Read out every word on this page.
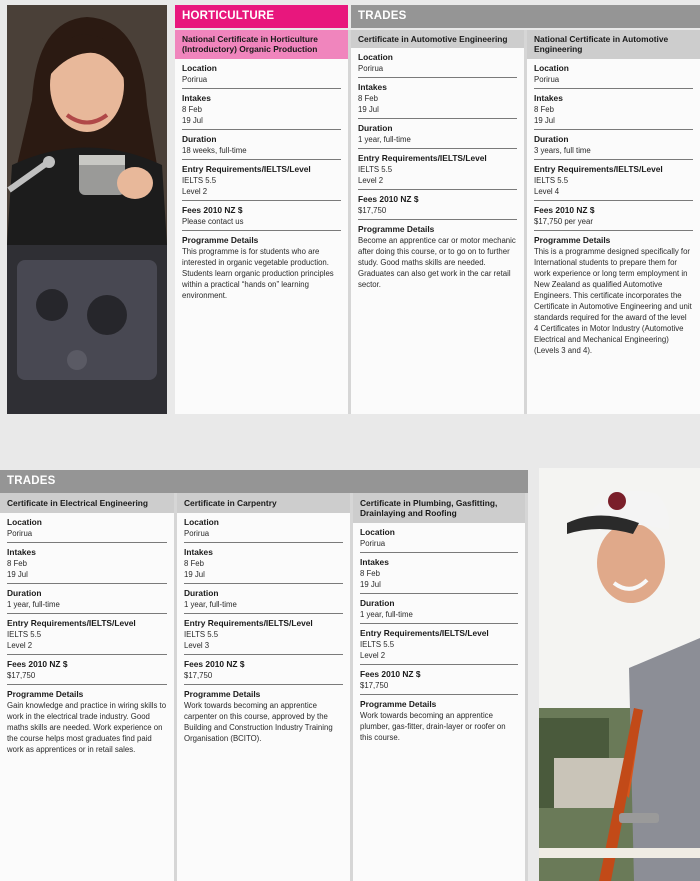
HORTICULTURE	TRADES
National Certificate in Horticulture (Introductory) Organic Production
Location
Porirua
Intakes
8 Feb
19 Jul
Duration
18 weeks, full-time
Entry Requirements/IELTS/Level
IELTS 5.5
Level 2
Fees 2010 NZ $
Please contact us
Programme Details
This programme is for students who are interested in organic vegetable production. Students learn organic production principles within a practical “hands on” learning environment.
Certificate in Automotive Engineering
Location
Porirua
Intakes
8 Feb
19 Jul
Duration
1 year, full-time
Entry Requirements/IELTS/Level
IELTS 5.5
Level 2
Fees 2010 NZ $
$17,750
Programme Details
Become an apprentice car or motor mechanic after doing this course, or to go on to further study. Good maths skills are needed. Graduates can also get work in the car retail sector.
National Certificate in Automotive Engineering
Location
Porirua
Intakes
8 Feb
19 Jul
Duration
3 years, full time
Entry Requirements/IELTS/Level
IELTS 5.5
Level 4
Fees 2010 NZ $
$17,750 per year
Programme Details
This is a programme designed specifically for International students to prepare them for work experience or long term employment in New Zealand as qualified Automotive Engineers. This certificate incorporates the Certificate in Automotive Engineering and unit standards required for the award of the level 4 Certificates in Motor Industry (Automotive Electrical and Mechanical Engineering) (Levels 3 and 4).
TRADES
Certificate in Electrical Engineering
Location
Porirua
Intakes
8 Feb
19 Jul
Duration
1 year, full-time
Entry Requirements/IELTS/Level
IELTS 5.5
Level 2
Fees 2010 NZ $
$17,750
Programme Details
Gain knowledge and practice in wiring skills to work in the electrical trade industry. Good maths skills are needed. Work experience on the course helps most graduates find paid work as apprentices or in retail sales.
Certificate in Carpentry
Location
Porirua
Intakes
8 Feb
19 Jul
Duration
1 year, full-time
Entry Requirements/IELTS/Level
IELTS 5.5
Level 3
Fees 2010 NZ $
$17,750
Programme Details
Work towards becoming an apprentice carpenter on this course, approved by the Building and Construction Industry Training Organisation (BCITO).
Certificate in Plumbing, Gasfitting, Drainlaying and Roofing
Location
Porirua
Intakes
8 Feb
19 Jul
Duration
1 year, full-time
Entry Requirements/IELTS/Level
IELTS 5.5
Level 2
Fees 2010 NZ $
$17,750
Programme Details
Work towards becoming an apprentice plumber, gas-fitter, drain-layer or roofer on this course.
